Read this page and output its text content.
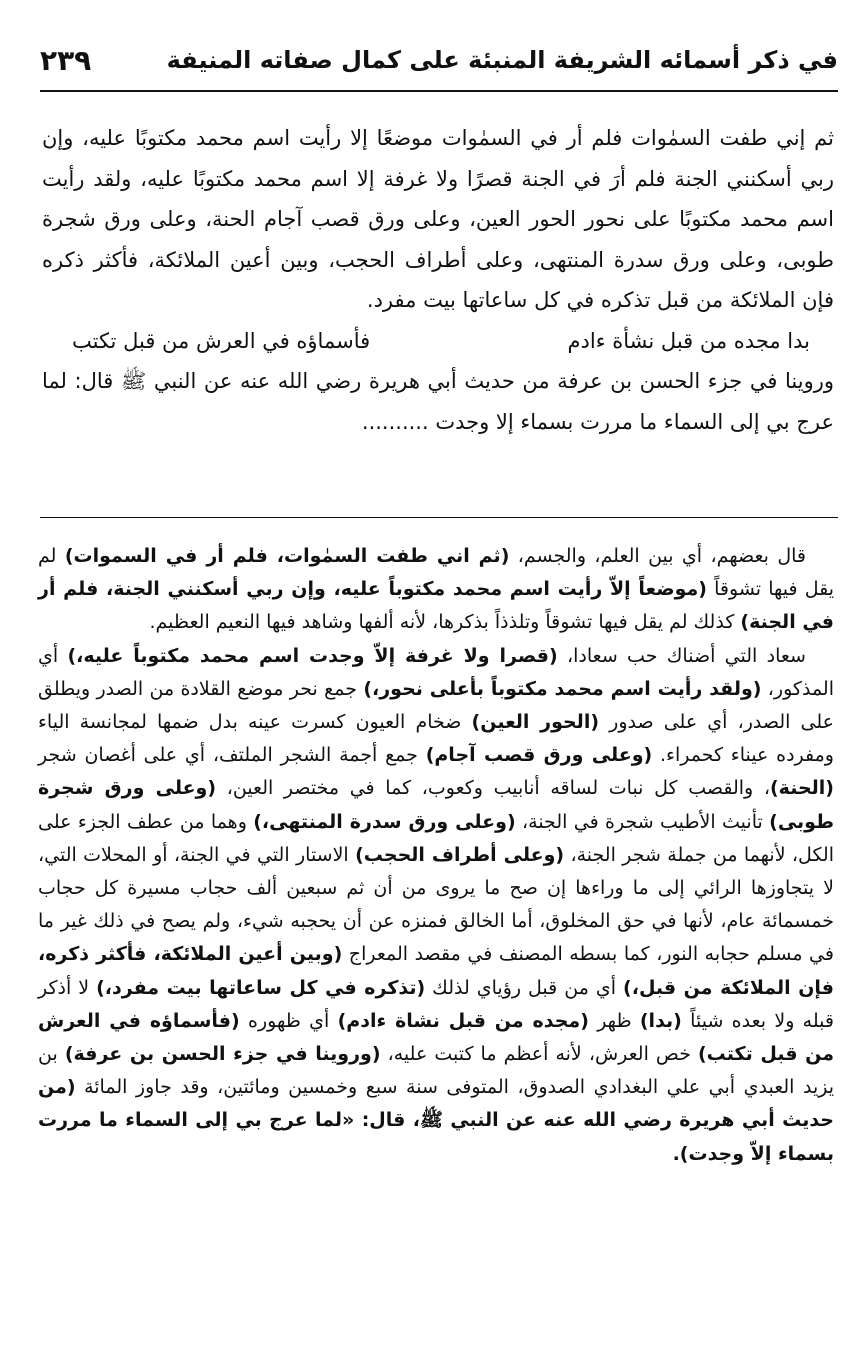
في ذكر أسمائه الشريفة المنبئة على كمال صفاته المنيفة
٢٣٩

ثم إني طفت السمٰوات فلم أر في السمٰوات موضعًا إلا رأيت اسم محمد مكتوبًا عليه، وإن ربي أسكنني الجنة فلم أرَ في الجنة قصرًا ولا غرفة إلا اسم محمد مكتوبًا عليه، ولقد رأيت اسم محمد مكتوبًا على نحور الحور العين، وعلى ورق قصب آجام الحنة، وعلى ورق شجرة طوبى، وعلى ورق سدرة المنتهى، وعلى أطراف الحجب، وبين أعين الملائكة، فأكثر ذكره فإن الملائكة من قبل تذكره في كل ساعاتها بيت مفرد.

بدا مجده من قبل نشأة ءادم
فأسماؤه في العرش من قبل تكتب

وروينا في جزء الحسن بن عرفة من حديث أبي هريرة رضي الله عنه عن النبي ﷺ قال: لما عرج بي إلى السماء ما مررت بسماء إلا وجدت ..........

قال بعضهم، أي بين العلم، والجسم، (ثم اني طفت السمٰوات، فلم أر في السموات) لم يقل فيها تشوقاً (موضعاً إلاّ رأيت اسم محمد مكتوباً عليه، وإن ربي أسكنني الجنة، فلم أر في الجنة) كذلك لم يقل فيها تشوقاً وتلذذاً بذكرها، لأنه ألفها وشاهد فيها النعيم العظيم.

سعاد التي أضناك حب سعادا، (قصرا ولا غرفة إلاّ وجدت اسم محمد مكتوباً عليه،) أي المذكور، (ولقد رأيت اسم محمد مكتوباً بأعلى نحور،) جمع نحر موضع القلادة من الصدر ويطلق على الصدر، أي على صدور (الحور العين) ضخام العيون كسرت عينه بدل ضمها لمجانسة الياء ومفرده عيناء كحمراء. (وعلى ورق قصب آجام) جمع أجمة الشجر الملتف، أي على أغصان شجر (الحنة)، والقصب كل نبات لساقه أنابيب وكعوب، كما في مختصر العين، (وعلى ورق شجرة طوبى) تأنيث الأطيب شجرة في الجنة، (وعلى ورق سدرة المنتهى،) وهما من عطف الجزء على الكل، لأنهما من جملة شجر الجنة، (وعلى أطراف الحجب) الاستار التي في الجنة، أو المحلات التي، لا يتجاوزها الرائي إلى ما وراءها إن صح ما يروى من أن ثم سبعين ألف حجاب مسيرة كل حجاب خمسمائة عام، لأنها في حق المخلوق، أما الخالق فمنزه عن أن يحجبه شيء، ولم يصح في ذلك غير ما في مسلم حجابه النور، كما بسطه المصنف في مقصد المعراج (وبين أعين الملائكة، فأكثر ذكره، فإن الملائكة من قبل،) أي من قبل رؤياي لذلك (تذكره في كل ساعاتها بيت مفرد،) لا أذكر قبله ولا بعده شيئاً (بدا) ظهر (مجده من قبل نشاة ءادم) أي ظهوره (فأسماؤه في العرش من قبل تكتب) خص العرش، لأنه أعظم ما كتبت عليه، (وروينا في جزء الحسن بن عرفة) بن يزيد العبدي أبي علي البغدادي الصدوق، المتوفى سنة سبع وخمسين ومائتين، وقد جاوز المائة (من حديث أبي هريرة رضي الله عنه عن النبي ﷺ، قال: «لما عرج بي إلى السماء ما مررت بسماء إلاّ وجدت).
